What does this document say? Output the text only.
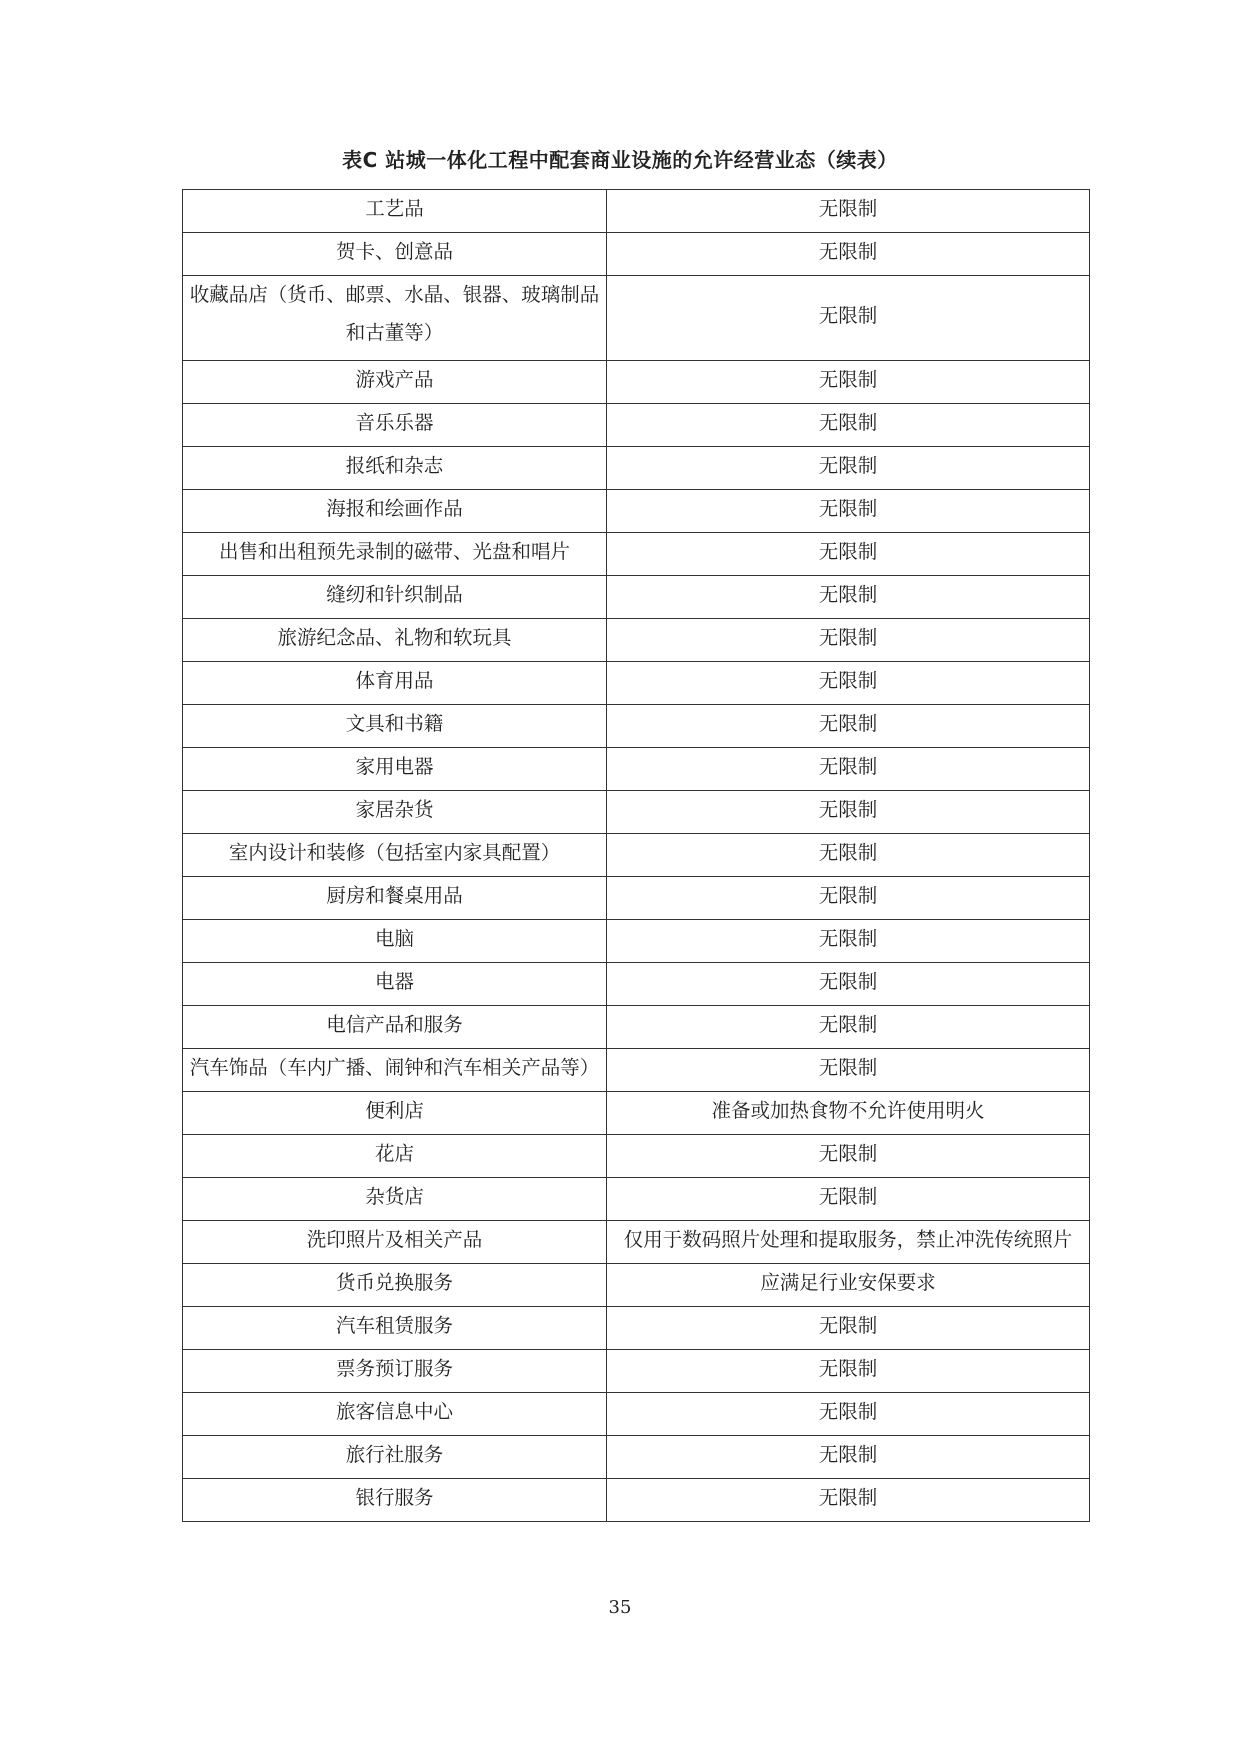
表C 站城一体化工程中配套商业设施的允许经营业态（续表）
工艺品	无限制
贺卡、创意品	无限制
收藏品店（货币、邮票、水晶、银器、玻璃制品和古董等）	无限制
游戏产品	无限制
音乐乐器	无限制
报纸和杂志	无限制
海报和绘画作品	无限制
出售和出租预先录制的磁带、光盘和唱片	无限制
缝纫和针织制品	无限制
旅游纪念品、礼物和软玩具	无限制
体育用品	无限制
文具和书籍	无限制
家用电器	无限制
家居杂货	无限制
室内设计和装修（包括室内家具配置）	无限制
厨房和餐桌用品	无限制
电脑	无限制
电器	无限制
电信产品和服务	无限制
汽车饰品（车内广播、闹钟和汽车相关产品等）	无限制
便利店	准备或加热食物不允许使用明火
花店	无限制
杂货店	无限制
洗印照片及相关产品	仅用于数码照片处理和提取服务，禁止冲洗传统照片
货币兑换服务	应满足行业安保要求
汽车租赁服务	无限制
票务预订服务	无限制
旅客信息中心	无限制
旅行社服务	无限制
银行服务	无限制
35
